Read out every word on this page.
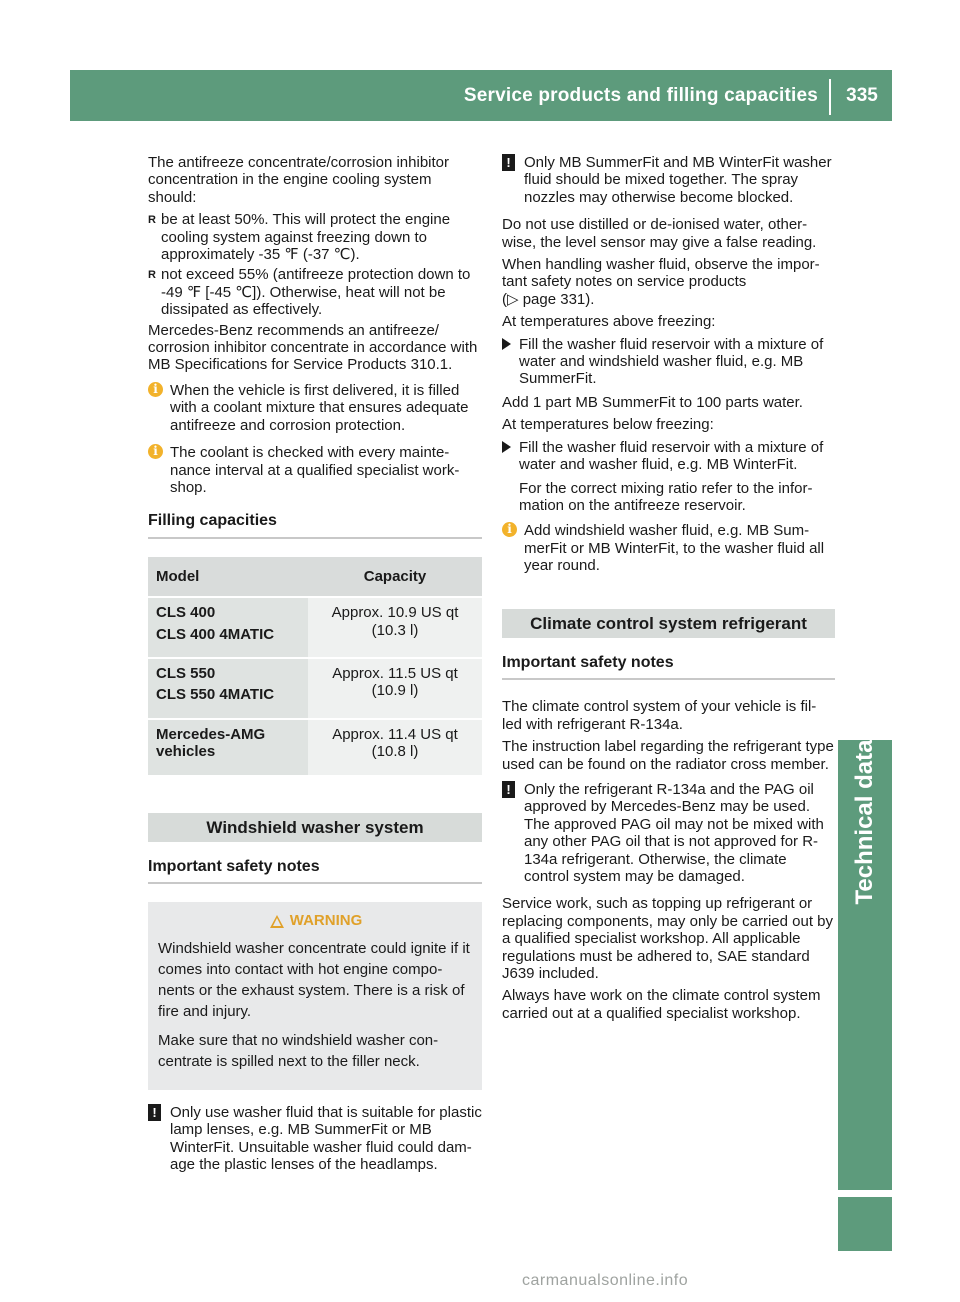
Service products and filling capacities	335
Technical data

The antifreeze concentrate/corrosion inhibitor concentration in the engine cooling system should:

R be at least 50%. This will protect the engine cooling system against freezing down to approximately -35 ℉ (-37 ℃).
R not exceed 55% (antifreeze protection down to -49 ℉ [-45 ℃]). Otherwise, heat will not be dissipated as effectively.

Mercedes-Benz recommends an antifreeze/ corrosion inhibitor concentrate in accordance with MB Specifications for Service Products 310.1.

i When the vehicle is first delivered, it is filled with a coolant mixture that ensures adequate antifreeze and corrosion protection.
i The coolant is checked with every mainte- nance interval at a qualified specialist work- shop.
Filling capacities
Model	Capacity
CLS 400
CLS 400 4MATIC
Approx. 10.9 US qt (10.3 l)
CLS 550
CLS 550 4MATIC
Approx. 11.5 US qt (10.9 l)
Mercedes-AMG vehicles
Approx. 11.4 US qt (10.8 l)
Windshield washer system
Important safety notes
WARNING

Windshield washer concentrate could ignite if it comes into contact with hot engine compo- nents or the exhaust system. There is a risk of fire and injury.

Make sure that no windshield washer con- centrate is spilled next to the filler neck.

! Only use washer fluid that is suitable for plastic lamp lenses, e.g. MB SummerFit or MB WinterFit. Unsuitable washer fluid could dam- age the plastic lenses of the headlamps.
! Only MB SummerFit and MB WinterFit washer fluid should be mixed together. The spray nozzles may otherwise become blocked.

Do not use distilled or de-ionised water, other- wise, the level sensor may give a false reading.

When handling washer fluid, observe the impor- tant safety notes on service products
(▷ page 331).

At temperatures above freezing:

Fill the washer fluid reservoir with a mixture of water and windshield washer fluid, e.g. MB SummerFit.

Add 1 part MB SummerFit to 100 parts water.

At temperatures below freezing:

Fill the washer fluid reservoir with a mixture of water and washer fluid, e.g. MB WinterFit.

For the correct mixing ratio refer to the infor- mation on the antifreeze reservoir.

i Add windshield washer fluid, e.g. MB Sum- merFit or MB WinterFit, to the washer fluid all year round.
Climate control system refrigerant
Important safety notes

The climate control system of your vehicle is fil- led with refrigerant R-134a.

The instruction label regarding the refrigerant type used can be found on the radiator cross member.

! Only the refrigerant R-134a and the PAG oil approved by Mercedes-Benz may be used. The approved PAG oil may not be mixed with any other PAG oil that is not approved for R-134a refrigerant. Otherwise, the climate control system may be damaged.

Service work, such as topping up refrigerant or replacing components, may only be carried out by a qualified specialist workshop. All applicable regulations must be adhered to, SAE standard J639 included.

Always have work on the climate control system carried out at a qualified specialist workshop.

carmanualsonline.info
